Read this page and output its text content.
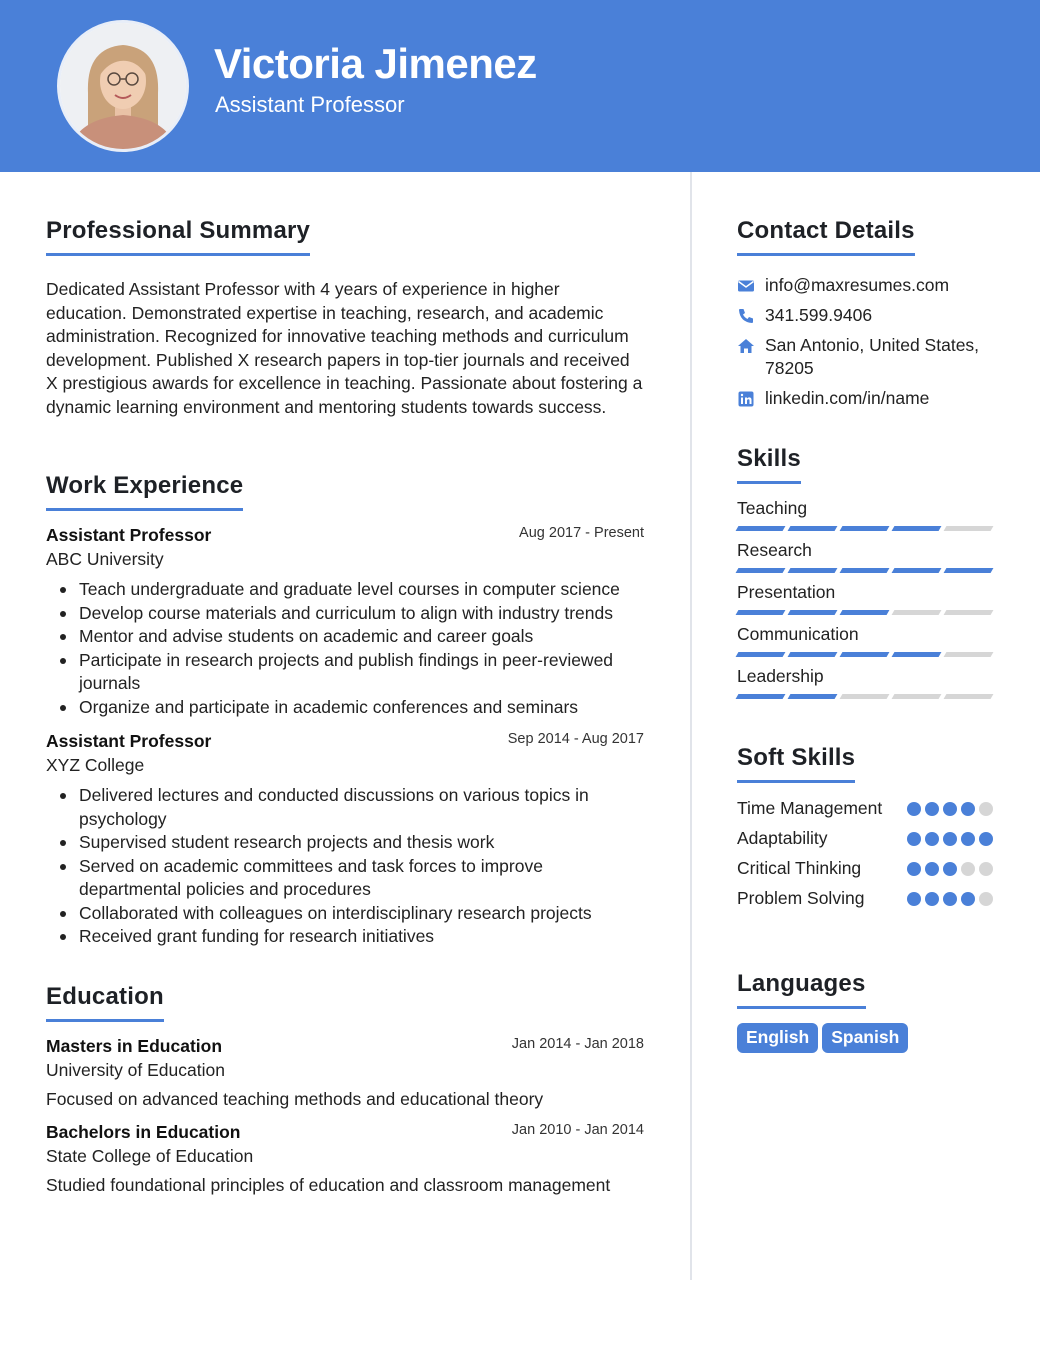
Victoria Jimenez
Assistant Professor
Professional Summary
Dedicated Assistant Professor with 4 years of experience in higher education. Demonstrated expertise in teaching, research, and academic administration. Recognized for innovative teaching methods and curriculum development. Published X research papers in top-tier journals and received X prestigious awards for excellence in teaching. Passionate about fostering a dynamic learning environment and mentoring students towards success.
Work Experience
Assistant Professor	Aug 2017 - Present
ABC University
Teach undergraduate and graduate level courses in computer science
Develop course materials and curriculum to align with industry trends
Mentor and advise students on academic and career goals
Participate in research projects and publish findings in peer-reviewed journals
Organize and participate in academic conferences and seminars
Assistant Professor	Sep 2014 - Aug 2017
XYZ College
Delivered lectures and conducted discussions on various topics in psychology
Supervised student research projects and thesis work
Served on academic committees and task forces to improve departmental policies and procedures
Collaborated with colleagues on interdisciplinary research projects
Received grant funding for research initiatives
Education
Masters in Education	Jan 2014 - Jan 2018
University of Education
Focused on advanced teaching methods and educational theory
Bachelors in Education	Jan 2010 - Jan 2014
State College of Education
Studied foundational principles of education and classroom management
Contact Details
info@maxresumes.com
341.599.9406
San Antonio, United States, 78205
linkedin.com/in/name
Skills
Teaching
Research
Presentation
Communication
Leadership
Soft Skills
Time Management
Adaptability
Critical Thinking
Problem Solving
Languages
English Spanish
